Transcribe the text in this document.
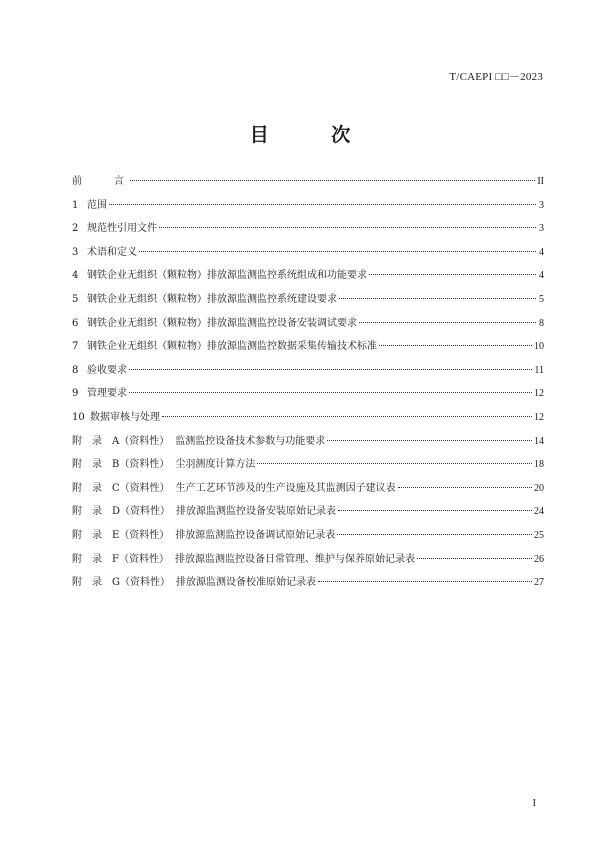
T/CAEPI □□－2023
目 次
前　　言	II
1 范围	3
2 规范性引用文件	3
3 术语和定义	4
4 钢铁企业无组织（颗粒物）排放源监测监控系统组成和功能要求	4
5 钢铁企业无组织（颗粒物）排放源监测监控系统建设要求	5
6 钢铁企业无组织（颗粒物）排放源监测监控设备安装调试要求	8
7 钢铁企业无组织（颗粒物）排放源监测监控数据采集传输技术标准	10
8 验收要求	11
9 管理要求	12
10 数据审核与处理	12
附　录　A（资料性） 监测监控设备技术参数与功能要求	14
附　录　B（资料性） 尘羽测度计算方法	18
附　录　C（资料性） 生产工艺环节涉及的生产设施及其监测因子建议表	20
附　录　D（资料性） 排放源监测监控设备安装原始记录表	24
附　录　E（资料性） 排放源监测监控设备调试原始记录表	25
附　录　F（资料性） 排放源监测监控设备日常管理、维护与保养原始记录表	26
附　录　G（资料性） 排放源监测设备校准原始记录表	27
I
